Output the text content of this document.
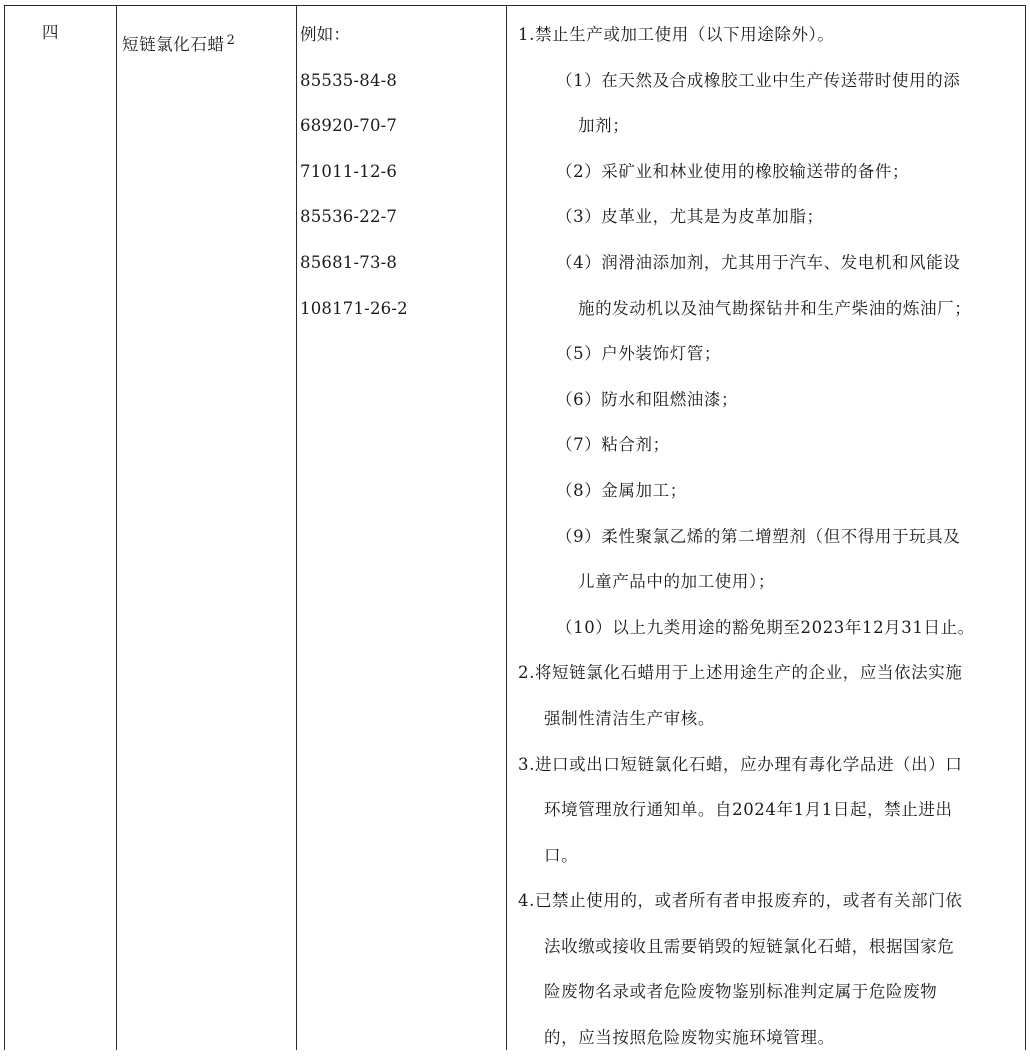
四
短链氯化石蜡 $^2$	例如：
85535-84-8
68920-70-7
71011-12-6
85536-22-7
85681-73-8
108171-26-2
1.禁止生产或加工使用（以下用途除外）。
（1）在天然及合成橡胶工业中生产传送带时使用的添
加剂；
（2）采矿业和林业使用的橡胶输送带的备件；
（3）皮革业，尤其是为皮革加脂；
（4）润滑油添加剂，尤其用于汽车、发电机和风能设
施的发动机以及油气勘探钻井和生产柴油的炼油厂；
（5）户外装饰灯管；
（6）防水和阻燃油漆；
（7）粘合剂；
（8）金属加工；
（9）柔性聚氯乙烯的第二增塑剂（但不得用于玩具及
儿童产品中的加工使用）；
（10）以上九类用途的豁免期至2023年12月31日止。
2.将短链氯化石蜡用于上述用途生产的企业，应当依法实施
强制性清洁生产审核。
3.进口或出口短链氯化石蜡，应办理有毒化学品进（出）口
环境管理放行通知单。自2024年1月1日起，禁止进出
口。
4.已禁止使用的，或者所有者申报废弃的，或者有关部门依
法收缴或接收且需要销毁的短链氯化石蜡，根据国家危
险废物名录或者危险废物鉴别标准判定属于危险废物
的，应当按照危险废物实施环境管理。
